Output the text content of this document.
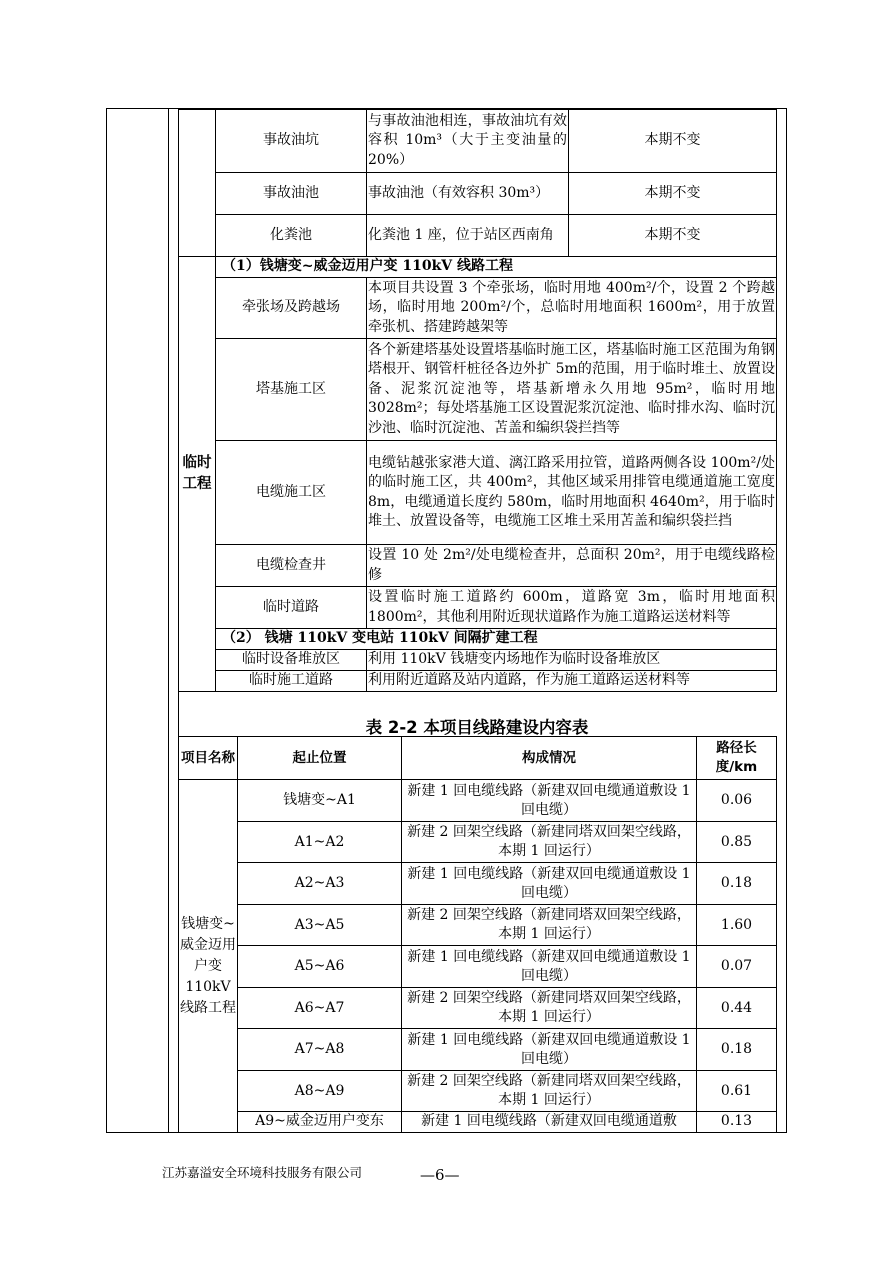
	事故油坑	与事故油池相连，事故油坑有效容积 10m³（大于主变油量的 20%）	本期不变
	事故油池	事故油池（有效容积 30m³）	本期不变
	化粪池	化粪池 1 座，位于站区西南角	本期不变
临时工程	（1）钱塘变~威金迈用户变 110kV 线路工程		
	牵张场及跨越场	本项目共设置 3 个牵张场，临时用地 400m²/个，设置 2 个跨越场，临时用地 200m²/个，总临时用地面积 1600m²，用于放置牵张机、搭建跨越架等	
	塔基施工区	各个新建塔基处设置塔基临时施工区，塔基临时施工区范围为角钢塔根开、钢管杆桩径各边外扩 5m的范围，用于临时堆土、放置设备、泥浆沉淀池等，塔基新增永久用地 95m²，临时用地 3028m²；每处塔基施工区设置泥浆沉淀池、临时排水沟、临时沉沙池、临时沉淀池、苫盖和编织袋拦挡等	
	电缆施工区	电缆钻越张家港大道、漓江路采用拉管，道路两侧各设 100m²/处的临时施工区，共 400m²，其他区域采用排管电缆通道施工宽度 8m，电缆通道长度约 580m，临时用地面积 4640m²，用于临时堆土、放置设备等，电缆施工区堆土采用苫盖和编织袋拦挡	
	电缆检查井	设置 10 处 2m²/处电缆检查井，总面积 20m²，用于电缆线路检修	
	临时道路	设置临时施工道路约 600m，道路宽 3m，临时用地面积 1800m²，其他利用附近现状道路作为施工道路运送材料等	
	（2） 钱塘 110kV 变电站 110kV 间隔扩建工程		
	临时设备堆放区	利用 110kV 钱塘变内场地作为临时设备堆放区	
	临时施工道路	利用附近道路及站内道路，作为施工道路运送材料等	
表 2-2 本项目线路建设内容表
项目名称	起止位置	构成情况	路径长度/km
钱塘变~威金迈用户变 110kV 线路工程	钱塘变~A1	新建 1 回电缆线路（新建双回电缆通道敷设 1 回电缆）	0.06
	A1~A2	新建 2 回架空线路（新建同塔双回架空线路，本期 1 回运行）	0.85
	A2~A3	新建 1 回电缆线路（新建双回电缆通道敷设 1 回电缆）	0.18
	A3~A5	新建 2 回架空线路（新建同塔双回架空线路，本期 1 回运行）	1.60
	A5~A6	新建 1 回电缆线路（新建双回电缆通道敷设 1 回电缆）	0.07
	A6~A7	新建 2 回架空线路（新建同塔双回架空线路，本期 1 回运行）	0.44
	A7~A8	新建 1 回电缆线路（新建双回电缆通道敷设 1 回电缆）	0.18
	A8~A9	新建 2 回架空线路（新建同塔双回架空线路，本期 1 回运行）	0.61
	A9~威金迈用户变东	新建 1 回电缆线路（新建双回电缆通道敷	0.13
江苏嘉溢安全环境科技服务有限公司	—6—
